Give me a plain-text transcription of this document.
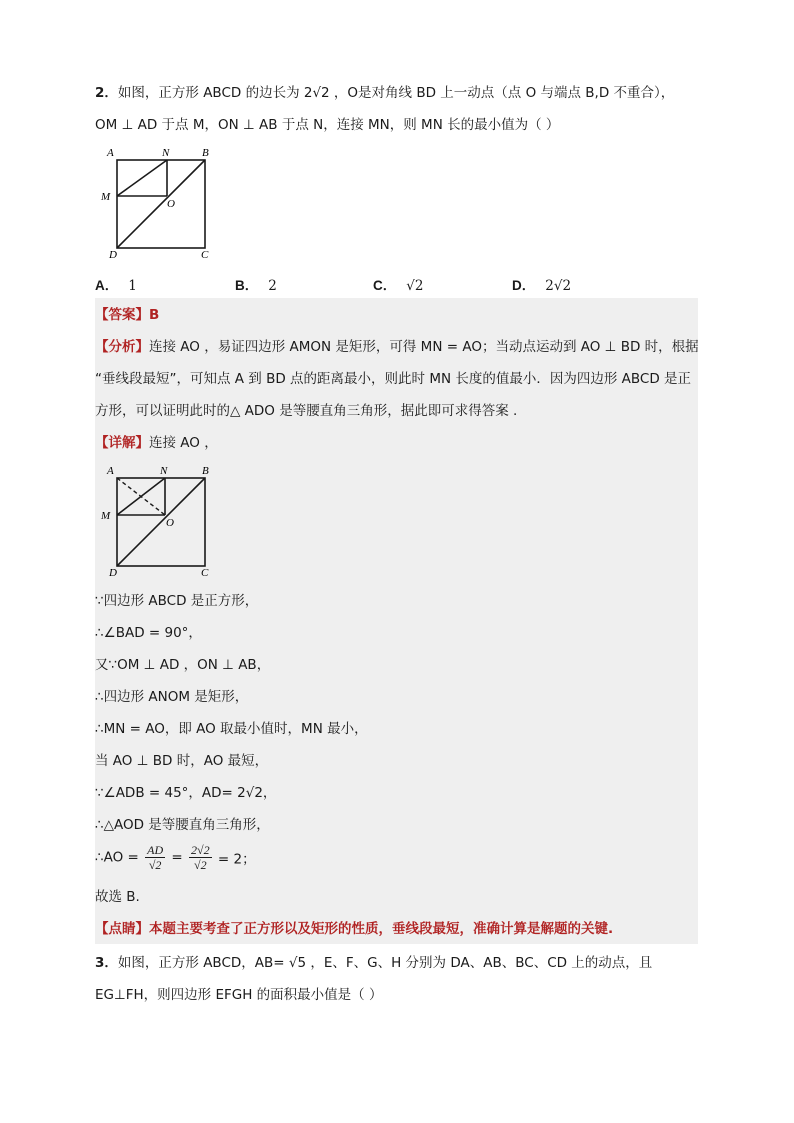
2．如图，正方形 ABCD 的边长为 2√2 ，O是对角线 BD 上一动点（点 O 与端点 B,D 不重合），
OM ⊥ AD 于点 M，ON ⊥ AB 于点 N，连接 MN，则 MN 长的最小值为（ ）
A	N	B
M
O
D	C
A． 1	B． 2	C． √2	D． 2√2
【答案】B
【分析】连接 AO ，易证四边形 AMON 是矩形，可得 MN = AO；当动点运动到 AO ⊥ BD 时，根据
“垂线段最短”，可知点 A 到 BD 点的距离最小，则此时 MN 长度的值最小．因为四边形 ABCD 是正
方形，可以证明此时的△ ADO 是等腰直角三角形，据此即可求得答案 .
【详解】连接 AO ，
A	N	B
M
O
D	C
∵四边形 ABCD 是正方形，
∴∠BAD = 90°，
又∵OM ⊥ AD ，ON ⊥ AB，
∴四边形 ANOM 是矩形，
∴MN = AO，即 AO 取最小值时，MN 最小，
当 AO ⊥ BD 时，AO 最短，
∵∠ADB = 45°，AD= 2√2，
∴△AOD 是等腰直角三角形，
∴AO = $\frac{AD}{√2} = \frac{2√2}{√2} = 2$；
故选 B.
【点睛】本题主要考查了正方形以及矩形的性质，垂线段最短，准确计算是解题的关键.
3．如图，正方形 ABCD，AB= √5 ，E、F、G、H 分别为 DA、AB、BC、CD 上的动点，且
EG⊥FH，则四边形 EFGH 的面积最小值是（ ）
